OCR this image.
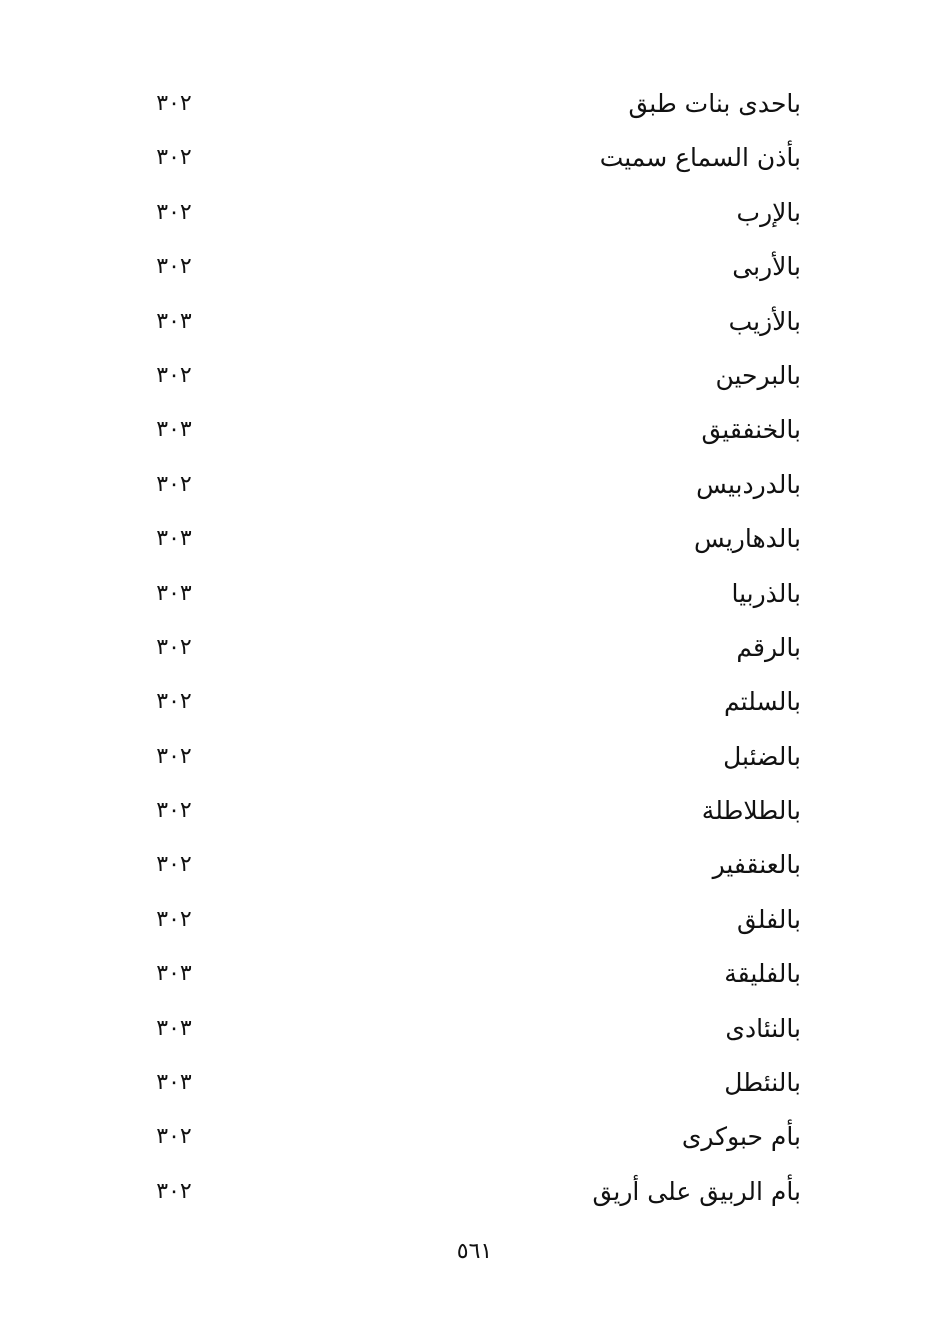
باحدى بنات طبق
٣٠٢
بأذن السماع سميت
٣٠٢
بالإرب
٣٠٢
بالأربى
٣٠٢
بالأزيب
٣٠٣
بالبرحين
٣٠٢
بالخنفقيق
٣٠٣
بالدردبيس
٣٠٢
بالدهاريس
٣٠٣
بالذربيا
٣٠٣
بالرقم
٣٠٢
بالسلتم
٣٠٢
بالضئبل
٣٠٢
بالطلاطلة
٣٠٢
بالعنقفير
٣٠٢
بالفلق
٣٠٢
بالفليقة
٣٠٣
بالنئادى
٣٠٣
بالنئطل
٣٠٣
بأم حبوكرى
٣٠٢
بأم الربيق على أريق
٣٠٢
٥٦١
